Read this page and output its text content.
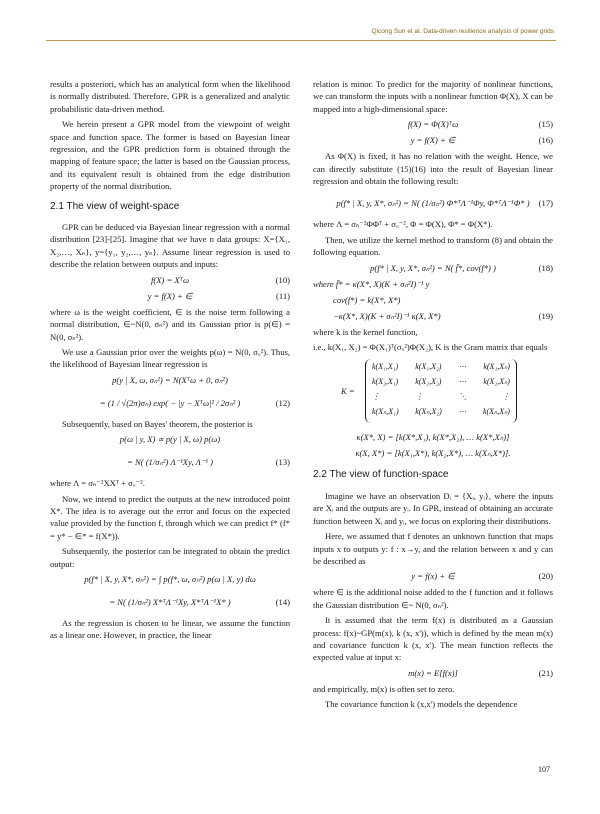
Qicong Sun et al. Data-driven resilience analysis of power grids

results a posteriori, which has an analytical form when the likelihood is normally distributed. Therefore, GPR is a generalized and analytic probabilistic data-driven method.

We herein present a GPR model from the viewpoint of weight space and function space. The former is based on Bayesian linear regression, and the GPR prediction form is obtained through the mapping of feature space; the latter is based on the Gaussian process, and its equivalent result is obtained from the edge distribution property of the normal distribution.

2.1 The view of weight-space

GPR can be deduced via Bayesian linear regression with a normal distribution [23]-[25]. Imagine that we have n data groups: X={X₁, X₂,…, Xₙ}, y={y₁, y₂,…, yₙ}. Assume linear regression is used to describe the relation between outputs and inputs:

f(X) = Xᵀω	(10)
y = f(X) + ∈	(11)

where ω is the weight coefficient, ∈ is the noise term following a normal distribution, ∈~N(0, σₙ²) and its Gaussian prior is p(∈) = N(0, σₙ²).

We use a Gaussian prior over the weights p(ω) = N(0, σᵤ²). Thus, the likelihood of Bayesian linear regression is

p(y | X, ω, σₙ²) = N(Xᵀω + 0, σₙ²)
= (1 / √(2π)σₙ) exp( − |y − Xᵀω|² / 2σₙ² )	(12)

Subsequently, based on Bayes' theorem, the posterior is

p(ω | y, X) ∝ p(y | X, ω) p(ω)
= N( (1/σₙ²) Λ⁻¹Xy, Λ⁻¹ )	(13)

where Λ = σₙ⁻²XXᵀ + σᵤ⁻².

Now, we intend to predict the outputs at the new introduced point X*. The idea is to average out the error and focus on the expected value provided by the function f, through which we can predict f* (f* = y* − ∈* = f(X*)).

Subsequently, the posterior can be integrated to obtain the predict output:

p(f* | X, y, X*, σₙ²) = ∫ p(f*, ω, σₙ²) p(ω | X, y) dω
= N( (1/σₙ²) X*ᵀΛ⁻¹Xy, X*ᵀΛ⁻¹X* )	(14)

As the regression is chosen to be linear, we assume the function as a linear one. However, in practice, the linear

relation is minor. To predict for the majority of nonlinear functions, we can transform the inputs with a nonlinear function Φ(X), X can be mapped into a high-dimensional space:

f(X) = Φ(X)ᵀω	(15)
y = f(X) + ∈	(16)

As Φ(X) is fixed, it has no relation with the weight. Hence, we can directly substitute (15)(16) into the result of Bayesian linear regression and obtain the following result:

p(f* | X, y, X*, σₙ²) = N( (1/σₙ²) Φ*ᵀΛ⁻¹Φy, Φ*ᵀΛ⁻¹Φ* ) (17)

where Λ = σₙ⁻²ΦΦᵀ + σᵤ⁻², Φ = Φ(X), Φ* = Φ(X*).

Then, we utilize the kernel method to transform (8) and obtain the following equation.

p(f* | X, y, X*, σₙ²) = N( f̄*, cov(f*) )	(18)
where f̄* = κ(X*, X)(K + σₙ²I)⁻¹ y
cov(f*) = k(X*, X*)
−κ(X*, X)(K + σₙ²I)⁻¹ κ(X, X*)	(19)

where k is the kernel function,

i.e., k(X₁, X₂) = Φ(X₁)ᵀ(σᵤ²)Φ(X₂), K is the Gram matrix that equals

K =
k(X₁,X₁) k(X₁,X₂) ⋯ k(X₁,Xₙ)
k(X₂,X₁) k(X₂,X₂) ⋯ k(X₂,Xₙ)
⋮	⋮	⋱	⋮
k(Xₙ,X₁) k(Xₙ,X₂) ⋯ k(Xₙ,Xₙ)
κ(X*, X) = [k(X*,X₁), k(X*,X₂), … k(X*,Xₙ)]
κ(X, X*) = [k(X₁,X*), k(X₂,X*), … k(Xₙ,X*)].
2.2 The view of function-space

Imagine we have an observation Dᵢ = {Xᵢ, yᵢ}, where the inputs are Xᵢ and the outputs are yᵢ. In GPR, instead of obtaining an accurate function between Xᵢ and yᵢ, we focus on exploring their distributions.

Here, we assumed that f denotes an unknown function that maps inputs x to outputs y: f : x→y, and the relation between x and y can be described as

y = f(x) + ∈	(20)

where ∈ is the additional noise added to the f function and it follows the Gaussian distribution ∈~ N(0, σₙ²).

It is assumed that the term f(x) is distributed as a Gaussian process: f(x)~GP(m(x), k (x, x')), which is defined by the mean m(x) and covariance function k (x, x'). The mean function reflects the expected value at input x:

m(x) = E[f(x)]	(21)

and empirically, m(x) is often set to zero.

The covariance function k (x,x') models the dependence

107
